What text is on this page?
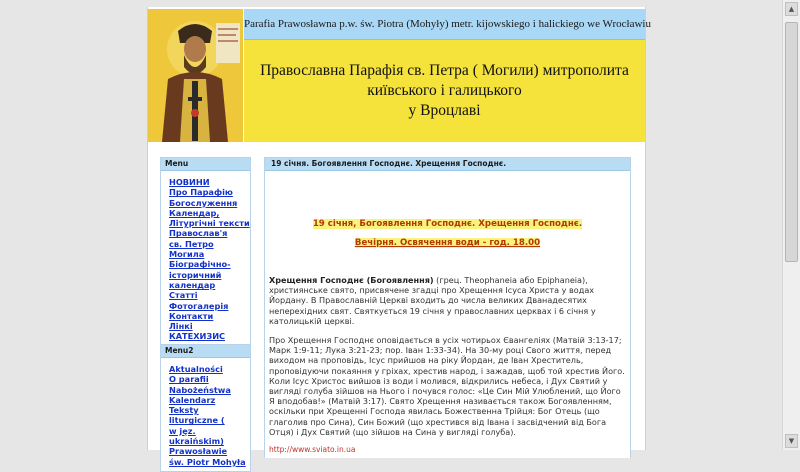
Parafia Prawosławna p.w. św. Piotra (Mohyły) metr. kijowskiego i halickiego we Wrocławiu
Православна Парафія св. Петра ( Могили) митрополита
київського і галицького
у Вроцлаві
Menu
НОВИНИ
Про Парафію
Богослуження
Календар,
Літургічні тексти
Православ'я
св. Петро Могила
Біографічно-
історичний
календар
Статті
Фотогалерія
Контакти
Лінкі
КАТЕХИЗИС
Menu2
Aktualności
O parafii
Nabożeństwa
Kalendarz
Teksty liturgiczne (
w jęz. ukraińskim)
Prawosławie
św. Piotr Mohyła
19 січня. Богоявлення Господнє. Хрещення Господнє.
19 січня, Богоявлення Господнє. Хрещення Господнє.
Вечірня. Освячення води - год. 18.00

Хрещення Господнє (Богоявлення) (грец. Theophaneia або Epiphaneia), християнське свято, присвячене згадці про Хрещення Ісуса Христа у водах Йордану. В Православній Церкві входить до числа великих Дванадесятих неперехідних свят. Святкується 19 січня у православних церквах і 6 січня у католицькій церкві.

Про Хрещення Господнє оповідається в усіх чотирьох Євангеліях (Матвій 3:13-17; Марк 1:9-11; Лука 3:21-23; пор. Іван 1:33-34). На 30-му році Свого життя, перед виходом на проповідь, Ісус прийшов на ріку Йордан, де Іван Хреститель, проповідуючи покаяння у гріхах, хрестив народ, і зажадав, щоб той хрестив Його. Коли Ісус Христос вийшов із води і молився, відкрились небеса, і Дух Святий у вигляді голуба зійшов на Нього і почувся голос: «Це Син Мій Улюблений, що Його Я вподобав!» (Матвій 3:17). Свято Хрещення називається також Богоявленням, оскільки при Хрещенні Господа явилась Божественна Трійця: Бог Отець (що глаголив про Сина), Син Божий (що хрестився від Івана і засвідчений від Бога Отця) і Дух Святий (що зійшов на Сина у вигляді голуба).

http://www.sviato.in.ua
▲
▼
